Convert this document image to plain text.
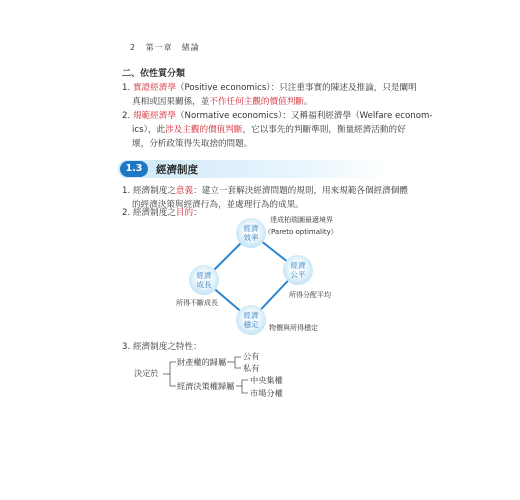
2 第一章　緒論
二、依性質分類
1. 實證經濟學（Positive economics）：只注重事實的陳述及推論，只是闡明
真相或因果關係，並不作任何主觀的價值判斷。
2. 規範經濟學（Normative economics）：又稱福利經濟學（Welfare econom-
ics），此涉及主觀的價值判斷，它以事先的判斷準則，衡量經濟活動的好
壞，分析政策得失取捨的問題。
1.3	經濟制度
1. 經濟制度之意義：建立一套解決經濟問題的規則，用來規範各個經濟個體
的經濟決策與經濟行為，並處理行為的成果。
2. 經濟制度之目的：
經濟
效率
經濟
公平
經濟
成長
經濟
穩定
達成柏瑞圖最適境界
（Pareto optimality）
所得分配平均
所得不斷成長
物價與所得穩定
3. 經濟制度之特性：
決定於
財產權的歸屬
經濟決策權歸屬
公有
私有
中央集權
市場分權
